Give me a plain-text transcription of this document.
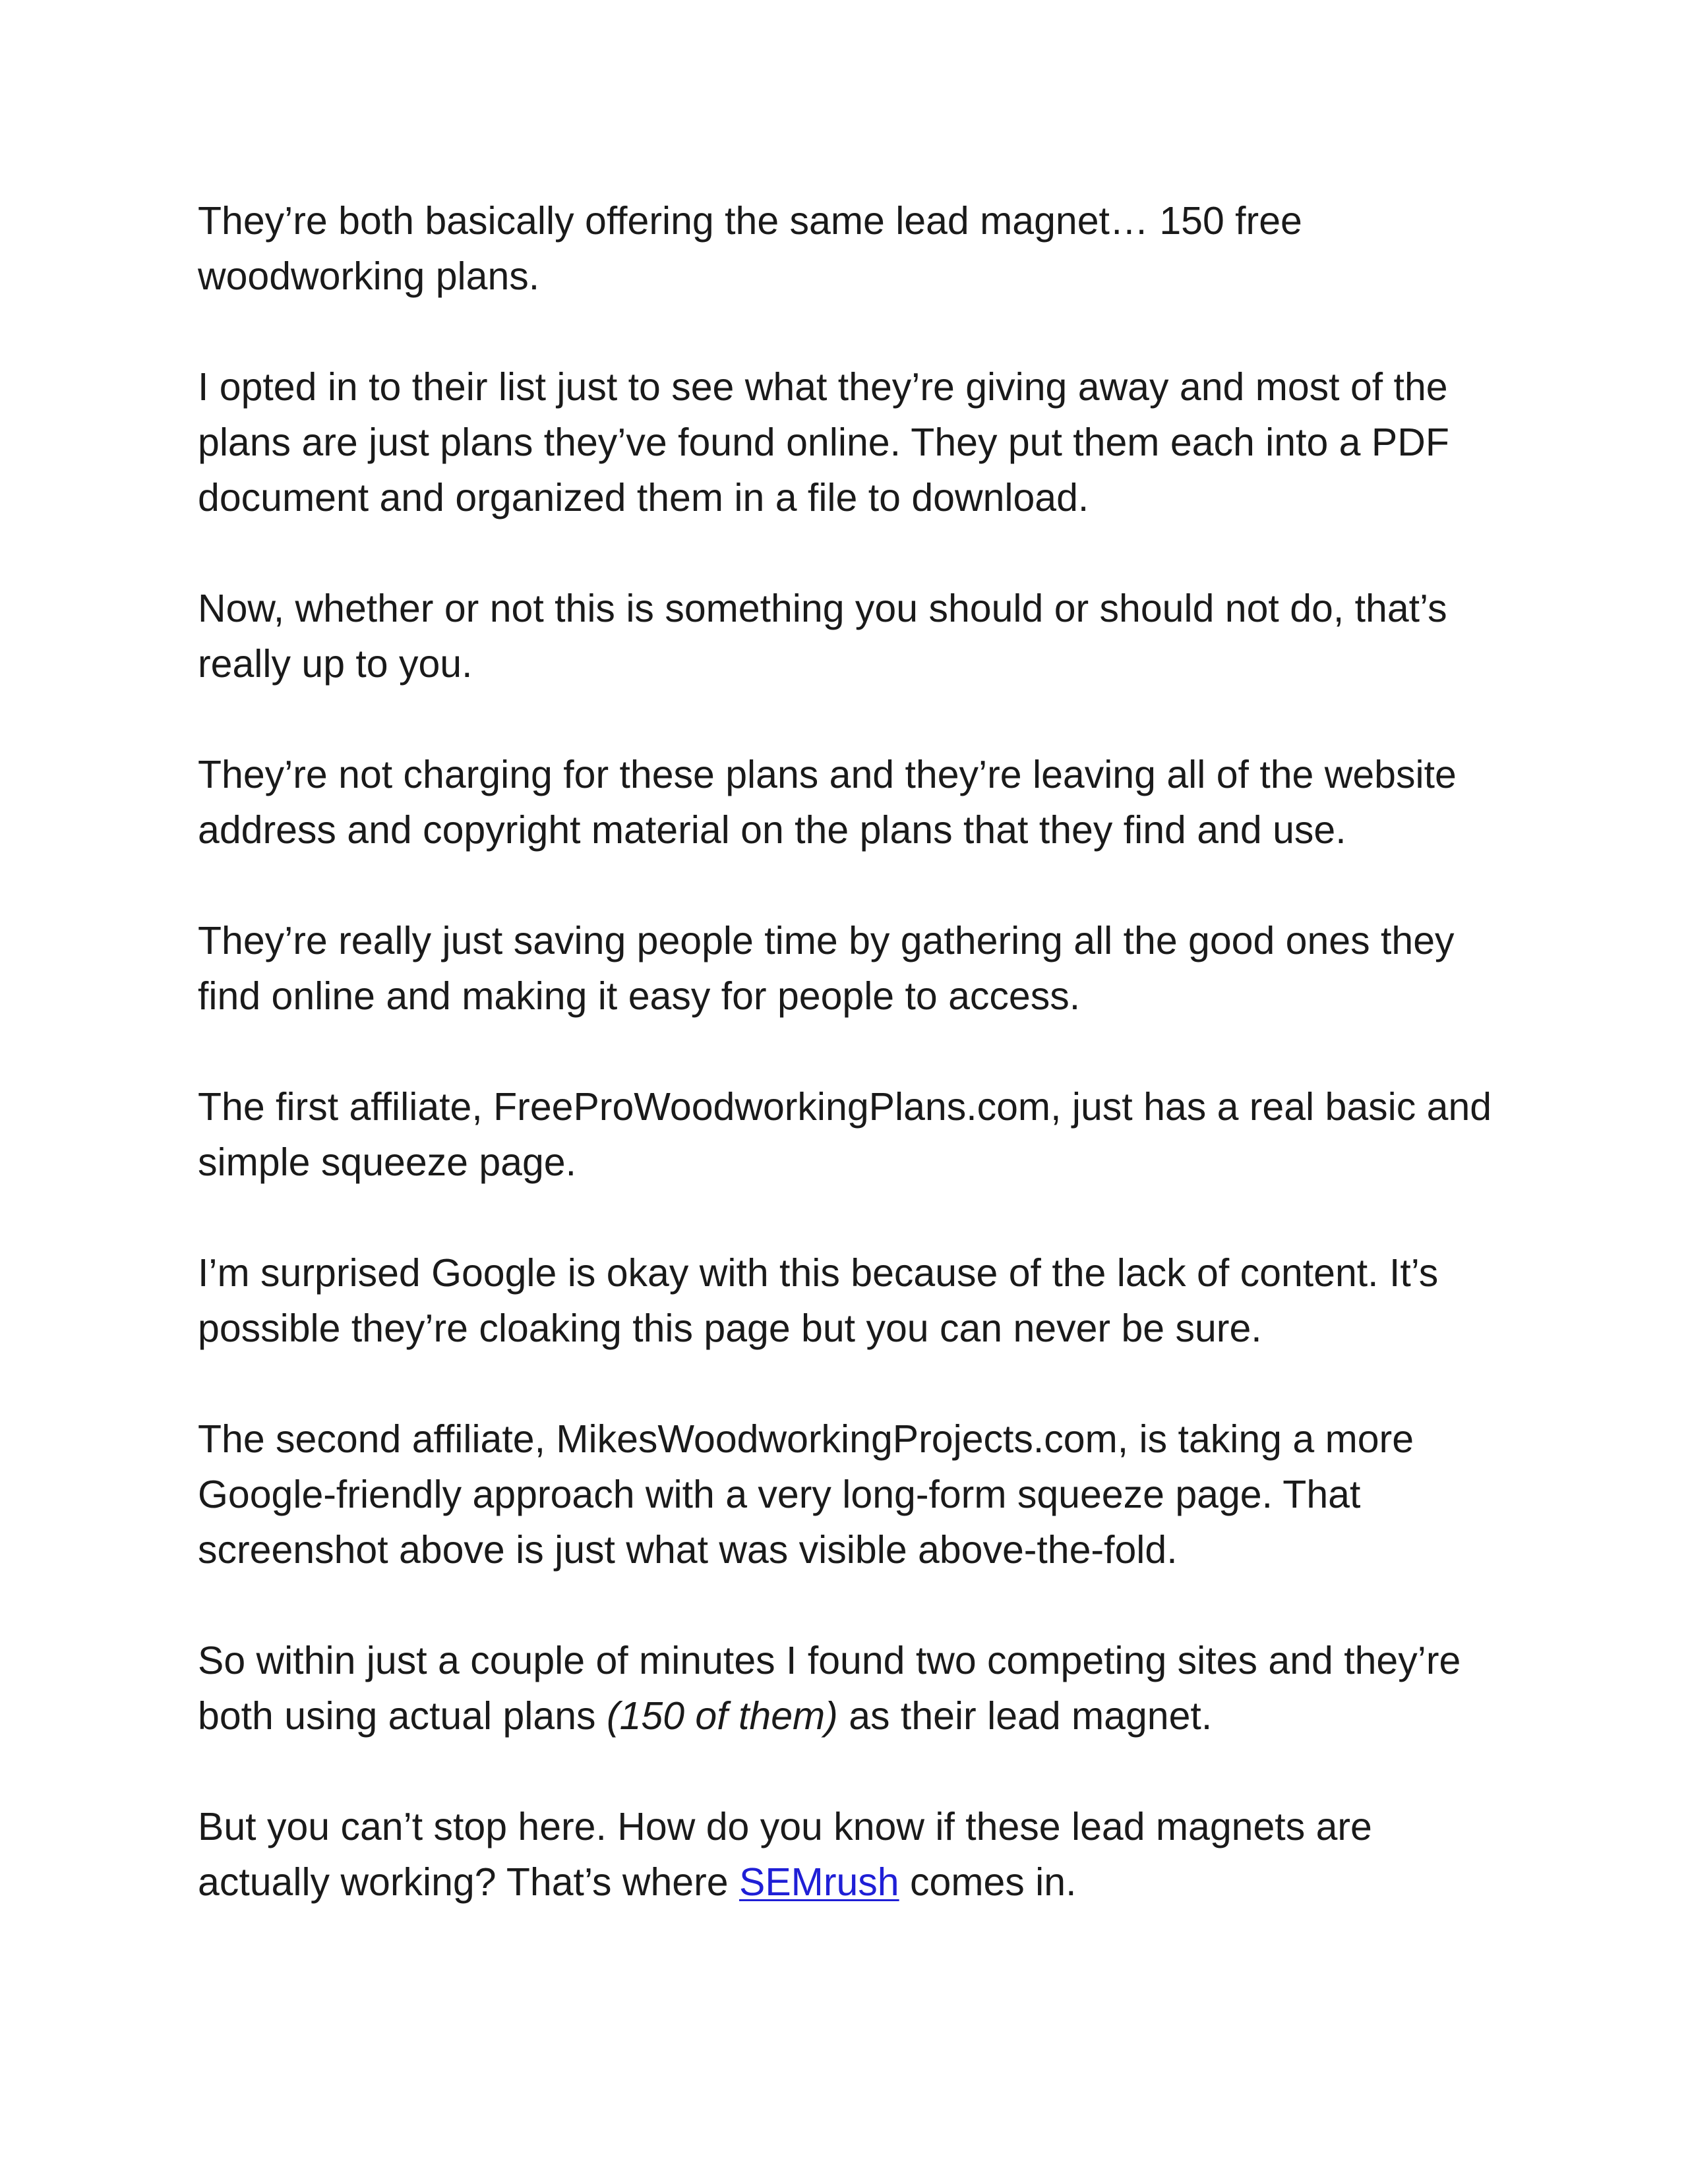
They’re both basically offering the same lead magnet… 150 free
woodworking plans.

I opted in to their list just to see what they’re giving away and most of the
plans are just plans they’ve found online. They put them each into a PDF
document and organized them in a file to download.

Now, whether or not this is something you should or should not do, that’s
really up to you.

They’re not charging for these plans and they’re leaving all of the website
address and copyright material on the plans that they find and use.

They’re really just saving people time by gathering all the good ones they
find online and making it easy for people to access.

The first affiliate, FreeProWoodworkingPlans.com, just has a real basic and
simple squeeze page.

I’m surprised Google is okay with this because of the lack of content. It’s
possible they’re cloaking this page but you can never be sure.

The second affiliate, MikesWoodworkingProjects.com, is taking a more
Google-friendly approach with a very long-form squeeze page. That
screenshot above is just what was visible above-the-fold.

So within just a couple of minutes I found two competing sites and they’re
both using actual plans (150 of them) as their lead magnet.

But you can’t stop here. How do you know if these lead magnets are
actually working? That’s where SEMrush comes in.
